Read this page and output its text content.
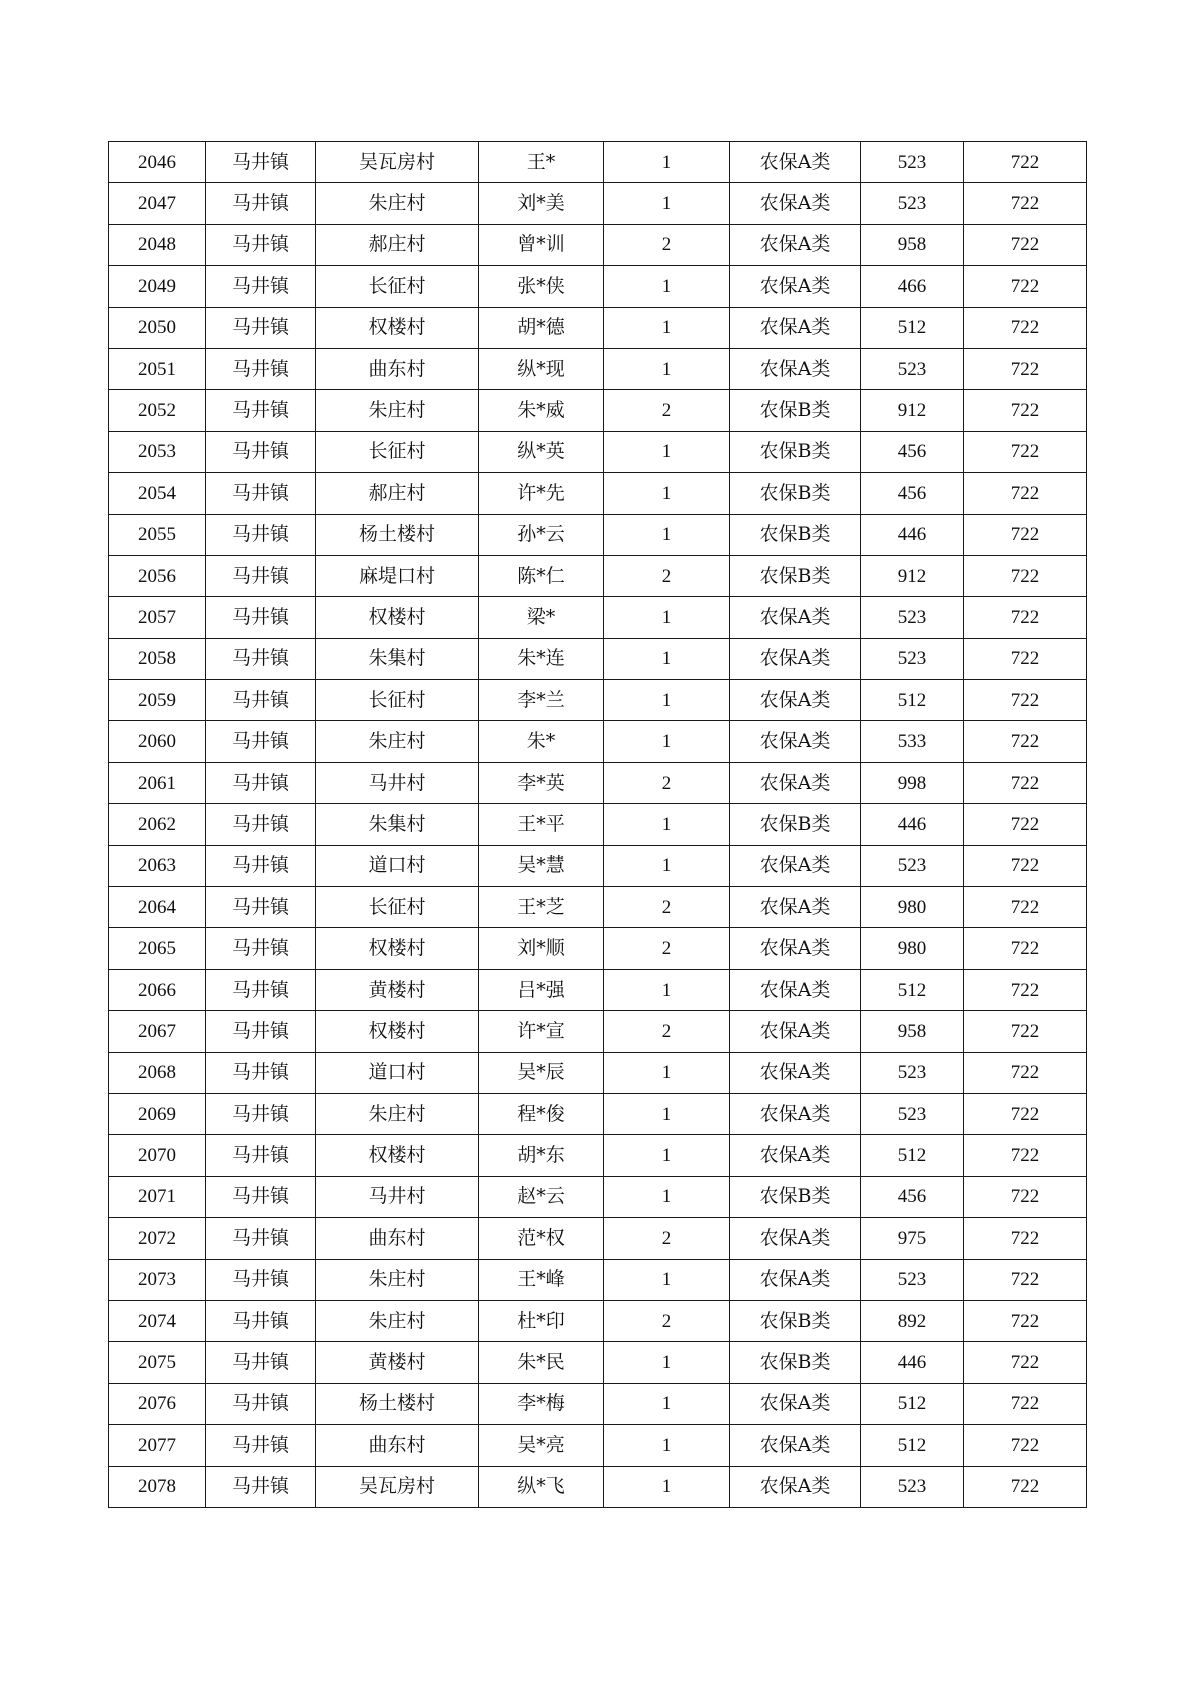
2046	马井镇	吴瓦房村	王*	1	农保A类	523	722
2047	马井镇	朱庄村	刘*美	1	农保A类	523	722
2048	马井镇	郝庄村	曾*训	2	农保A类	958	722
2049	马井镇	长征村	张*侠	1	农保A类	466	722
2050	马井镇	权楼村	胡*德	1	农保A类	512	722
2051	马井镇	曲东村	纵*现	1	农保A类	523	722
2052	马井镇	朱庄村	朱*威	2	农保B类	912	722
2053	马井镇	长征村	纵*英	1	农保B类	456	722
2054	马井镇	郝庄村	许*先	1	农保B类	456	722
2055	马井镇	杨土楼村	孙*云	1	农保B类	446	722
2056	马井镇	麻堤口村	陈*仁	2	农保B类	912	722
2057	马井镇	权楼村	梁*	1	农保A类	523	722
2058	马井镇	朱集村	朱*连	1	农保A类	523	722
2059	马井镇	长征村	李*兰	1	农保A类	512	722
2060	马井镇	朱庄村	朱*	1	农保A类	533	722
2061	马井镇	马井村	李*英	2	农保A类	998	722
2062	马井镇	朱集村	王*平	1	农保B类	446	722
2063	马井镇	道口村	吴*慧	1	农保A类	523	722
2064	马井镇	长征村	王*芝	2	农保A类	980	722
2065	马井镇	权楼村	刘*顺	2	农保A类	980	722
2066	马井镇	黄楼村	吕*强	1	农保A类	512	722
2067	马井镇	权楼村	许*宣	2	农保A类	958	722
2068	马井镇	道口村	吴*辰	1	农保A类	523	722
2069	马井镇	朱庄村	程*俊	1	农保A类	523	722
2070	马井镇	权楼村	胡*东	1	农保A类	512	722
2071	马井镇	马井村	赵*云	1	农保B类	456	722
2072	马井镇	曲东村	范*权	2	农保A类	975	722
2073	马井镇	朱庄村	王*峰	1	农保A类	523	722
2074	马井镇	朱庄村	杜*印	2	农保B类	892	722
2075	马井镇	黄楼村	朱*民	1	农保B类	446	722
2076	马井镇	杨土楼村	李*梅	1	农保A类	512	722
2077	马井镇	曲东村	吴*亮	1	农保A类	512	722
2078	马井镇	吴瓦房村	纵*飞	1	农保A类	523	722
